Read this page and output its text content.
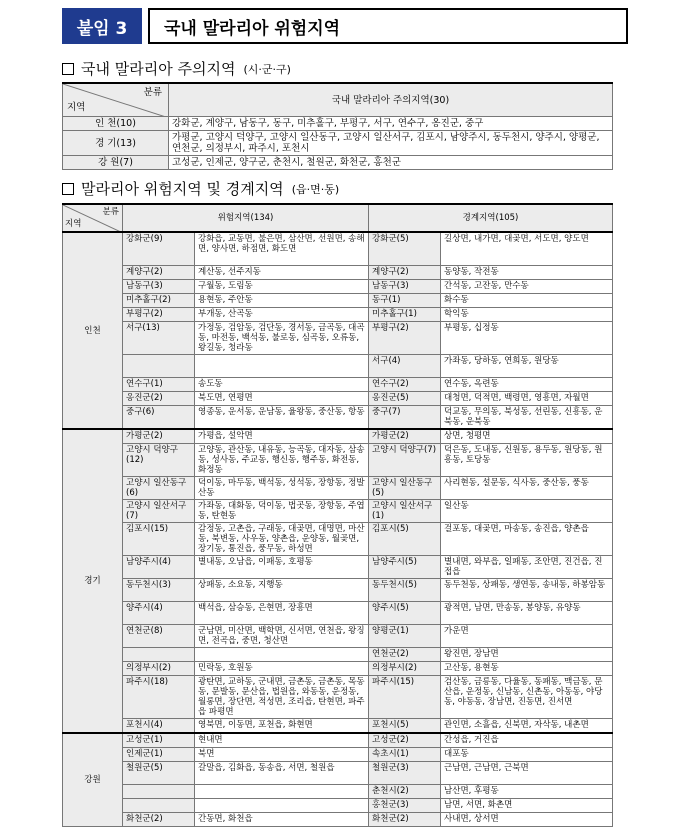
붙임 3	국내 말라리아 위험지역
국내 말라리아 주의지역 (시·군·구)
분류
지역	국내 말라리아 주의지역(30)
인 천(10)	강화군, 계양구, 남동구, 동구, 미추홀구, 부평구, 서구, 연수구, 옹진군, 중구
경 기(13)	가평군, 고양시 덕양구, 고양시 일산동구, 고양시 일산서구, 김포시, 남양주시, 동두천시, 양주시, 양평군, 연천군, 의정부시, 파주시, 포천시
강 원(7)	고성군, 인제군, 양구군, 춘천시, 철원군, 화천군, 홍천군
말라리아 위험지역 및 경계지역 (읍·면·동)
분류
지역	위험지역(134)		경계지역(105)	
인천	강화군(9)	강화읍, 교동면, 불은면, 삼산면, 선원면, 송해면, 양사면, 하점면, 화도면	강화군(5)	길상면, 내가면, 대곶면, 서도면, 양도면
	계양구(2)	계산동, 선주지동	계양구(2)	동양동, 작전동
	남동구(3)	구월동, 도림동	남동구(3)	간석동, 고잔동, 만수동
	미추홀구(2)	용현동, 주안동	동구(1)	화수동
	부평구(2)	부개동, 산곡동	미추홀구(1)	학익동
	서구(13)	가정동, 검암동, 검단동, 경서동, 금곡동, 대곡동, 마전동, 백석동, 불로동, 심곡동, 오류동, 왕길동, 청라동	부평구(2)	부평동, 십정동
			서구(4)	가좌동, 당하동, 연희동, 원당동
	연수구(1)	송도동	연수구(2)	연수동, 옥련동
	옹진군(2)	북도면, 연평면	옹진군(5)	대청면, 덕적면, 백령면, 영흥면, 자월면
	중구(6)	영종동, 운서동, 운남동, 율왕동, 중산동, 항동	중구(7)	덕교동, 무의동, 북성동, 선린동, 신흥동, 운북동, 운북동
경기	가평군(2)	가평읍, 설악면	가평군(2)	상면, 청평면
	고양시 덕양구(12)	고양동, 관산동, 내유동, 능곡동, 대자동, 삼송동, 성사동, 주교동, 행신동, 행주동, 화전동, 화정동	고양시 덕양구(7)	덕은동, 도내동, 신원동, 용두동, 원당동, 원흥동, 토당동
	고양시 일산동구(6)	덕이동, 마두동, 백석동, 성석동, 장항동, 정발산동	고양시 일산동구(5)	사리현동, 설문동, 식사동, 중산동, 풍동
	고양시 일산서구(7)	가좌동, 대화동, 덕이동, 법곳동, 장항동, 주엽동, 탄현동	고양시 일산서구(1)	일산동
	김포시(15)	감정동, 고촌읍, 구래동, 대곶면, 대명면, 마산동, 북변동, 사우동, 양촌읍, 운양동, 월곶면, 장기동, 통진읍, 풍무동, 하성면	김포시(5)	걸포동, 대곶면, 마송동, 송진읍, 양촌읍
	남양주시(4)	별내동, 오남읍, 이패동, 호평동	남양주시(5)	별내면, 와부읍, 일패동, 조안면, 진건읍, 진접읍
	동두천시(3)	상패동, 소요동, 지행동	동두천시(5)	동두천동, 상패동, 생연동, 송내동, 하봉암동
	양주시(4)	백석읍, 삼승동, 은현면, 장흥면	양주시(5)	광적면, 남면, 만송동, 봉양동, 유양동
	연천군(8)	군남면, 미산면, 백학면, 신서면, 연천읍, 왕징면, 전곡읍, 중면, 청산면	양평군(1)	가운면
			연천군(2)	왕진면, 장남면
	의정부시(2)	민락동, 호원동	의정부시(2)	고산동, 용현동
	파주시(18)	광탄면, 교하동, 군내면, 금촌동, 금촌동, 목동동, 문발동, 문산읍, 법원읍, 와동동, 운정동, 월롱면, 장단면, 적성면, 조리읍, 탄현면, 파주읍 파평면	파주시(15)	검산동, 금릉동, 다율동, 동패동, 맥금동, 문산읍, 운정동, 신남동, 신촌동, 아동동, 야당동, 야동동, 장남면, 진동면, 진서면
	포천시(4)	영북면, 이동면, 포천읍, 화현면	포천시(5)	관인면, 소흘읍, 신북면, 자삭동, 내촌면
강원	고성군(1)	현내면	고성군(2)	간성읍, 거진읍
	인제군(1)	북면	속초시(1)	대포동
	철원군(5)	갈말읍, 김화읍, 동송읍, 서면, 철원읍	철원군(3)	근남면, 근남면, 근북면
			춘천시(2)	남산면, 후평동
			홍천군(3)	남면, 서면, 화촌면
	화천군(2)	간동면, 화천읍	화천군(2)	사내면, 상서면
